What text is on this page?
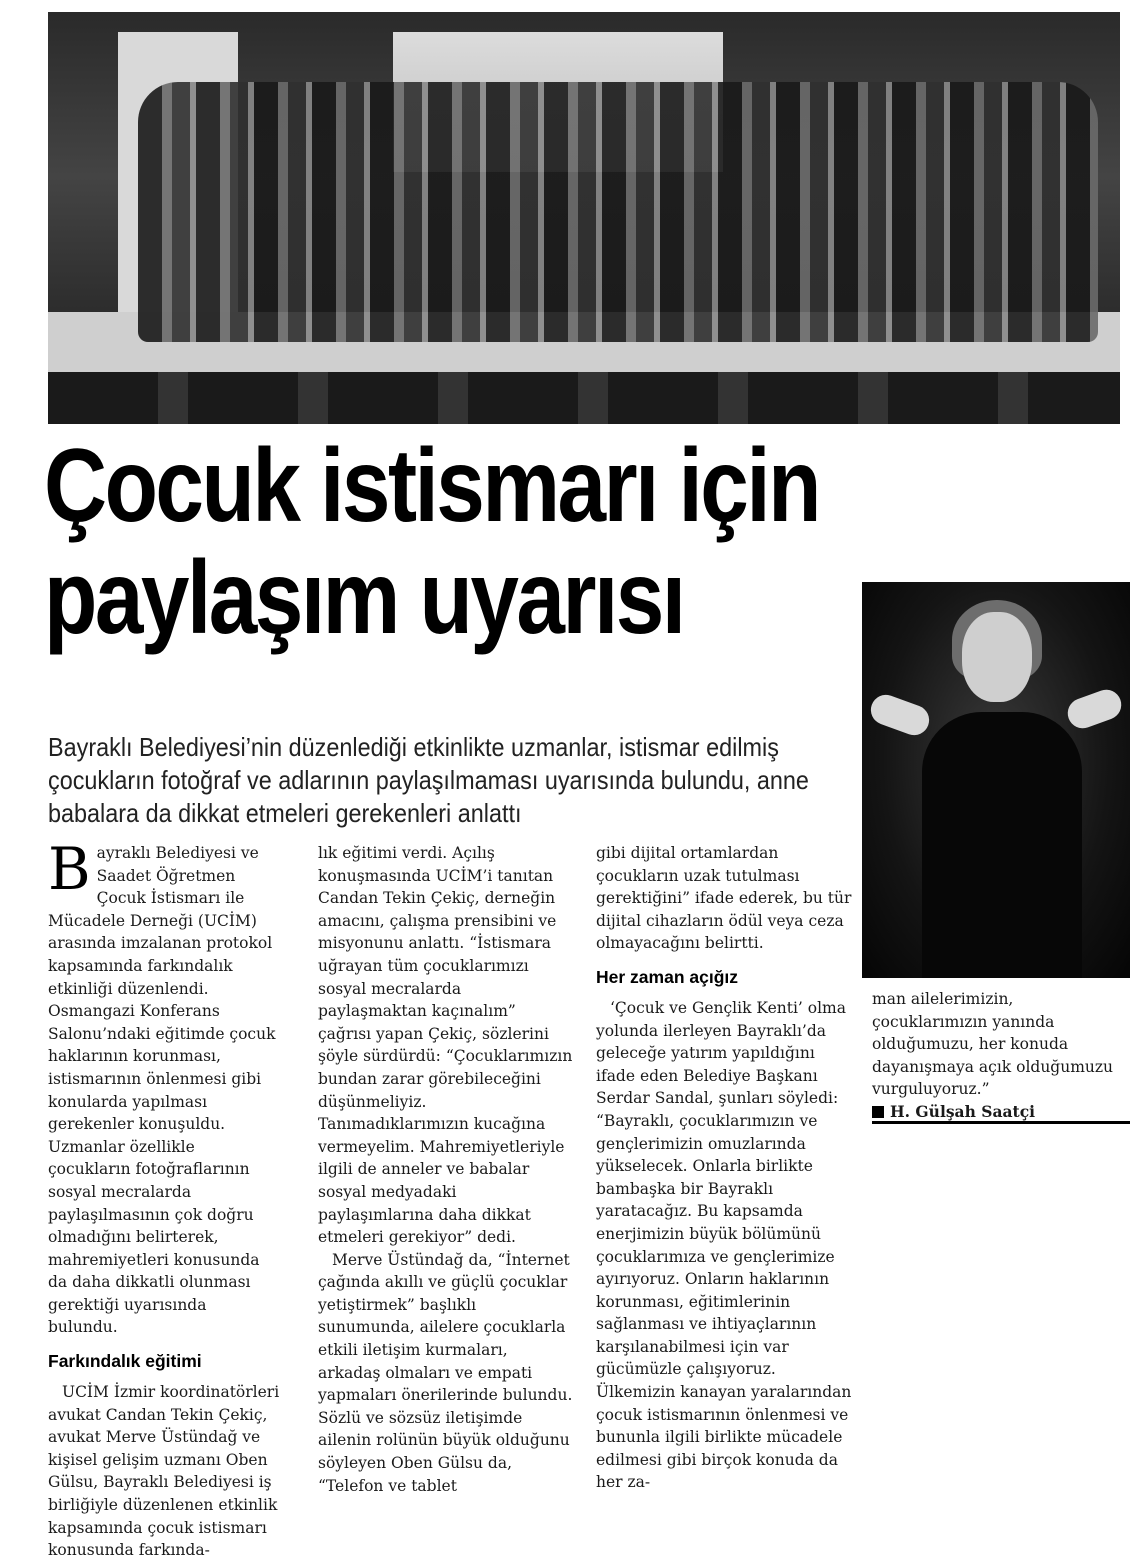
Çocuk istismarı için
paylaşım uyarısı

Bayraklı Belediyesi’nin düzenlediği etkinlikte uzmanlar, istismar edilmiş çocukların fotoğraf ve adlarının paylaşılmaması uyarısında bulundu, anne babalara da dikkat etmeleri gerekenleri anlattı

Bayraklı Belediyesi ve Saadet Öğretmen Çocuk İstismarı ile Mücadele Derneği (UCİM) arasında imzalanan protokol kapsamında farkındalık etkinliği düzenlendi. Osmangazi Konferans Salonu’ndaki eğitimde çocuk haklarının korunması, istismarının önlenmesi gibi konularda yapılması gerekenler konuşuldu. Uzmanlar özellikle çocukların fotoğraflarının sosyal mecralarda paylaşılmasının çok doğru olmadığını belirterek, mahremiyetleri konusunda da daha dikkatli olunması gerektiği uyarısında bulundu.

Farkındalık eğitimi

UCİM İzmir koordinatörleri avukat Candan Tekin Çekiç, avukat Merve Üstündağ ve kişisel gelişim uzmanı Oben Gülsu, Bayraklı Belediyesi iş birliğiyle düzenlenen etkinlik kapsamında çocuk istismarı konusunda farkında-

lık eğitimi verdi. Açılış konuşmasında UCİM’i tanıtan Candan Tekin Çekiç, derneğin amacını, çalışma prensibini ve misyonunu anlattı. “İstismara uğrayan tüm çocuklarımızı sosyal mecralarda paylaşmaktan kaçınalım” çağrısı yapan Çekiç, sözlerini şöyle sürdürdü: “Çocuklarımızın bundan zarar görebileceğini düşünmeliyiz. Tanımadıklarımızın kucağına vermeyelim. Mahremiyetleriyle ilgili de anneler ve babalar sosyal medyadaki paylaşımlarına daha dikkat etmeleri gerekiyor” dedi.

Merve Üstündağ da, “İnternet çağında akıllı ve güçlü çocuklar yetiştirmek” başlıklı sunumunda, ailelere çocuklarla etkili iletişim kurmaları, arkadaş olmaları ve empati yapmaları önerilerinde bulundu. Sözlü ve sözsüz iletişimde ailenin rolünün büyük olduğunu söyleyen Oben Gülsu da, “Telefon ve tablet

gibi dijital ortamlardan çocukların uzak tutulması gerektiğini” ifade ederek, bu tür dijital cihazların ödül veya ceza olmayacağını belirtti.

Her zaman açığız

‘Çocuk ve Gençlik Kenti’ olma yolunda ilerleyen Bayraklı’da geleceğe yatırım yapıldığını ifade eden Belediye Başkanı Serdar Sandal, şunları söyledi: “Bayraklı, çocuklarımızın ve gençlerimizin omuzlarında yükselecek. Onlarla birlikte bambaşka bir Bayraklı yaratacağız. Bu kapsamda enerjimizin büyük bölümünü çocuklarımıza ve gençlerimize ayırıyoruz. Onların haklarının korunması, eğitimlerinin sağlanması ve ihtiyaçlarının karşılanabilmesi için var gücümüzle çalışıyoruz. Ülkemizin kanayan yaralarından çocuk istismarının önlenmesi ve bununla ilgili birlikte mücadele edilmesi gibi birçok konuda da her za-

man ailelerimizin, çocuklarımızın yanında olduğumuzu, her konuda dayanışmaya açık olduğumuzu vurguluyoruz.”

H. Gülşah Saatçi
